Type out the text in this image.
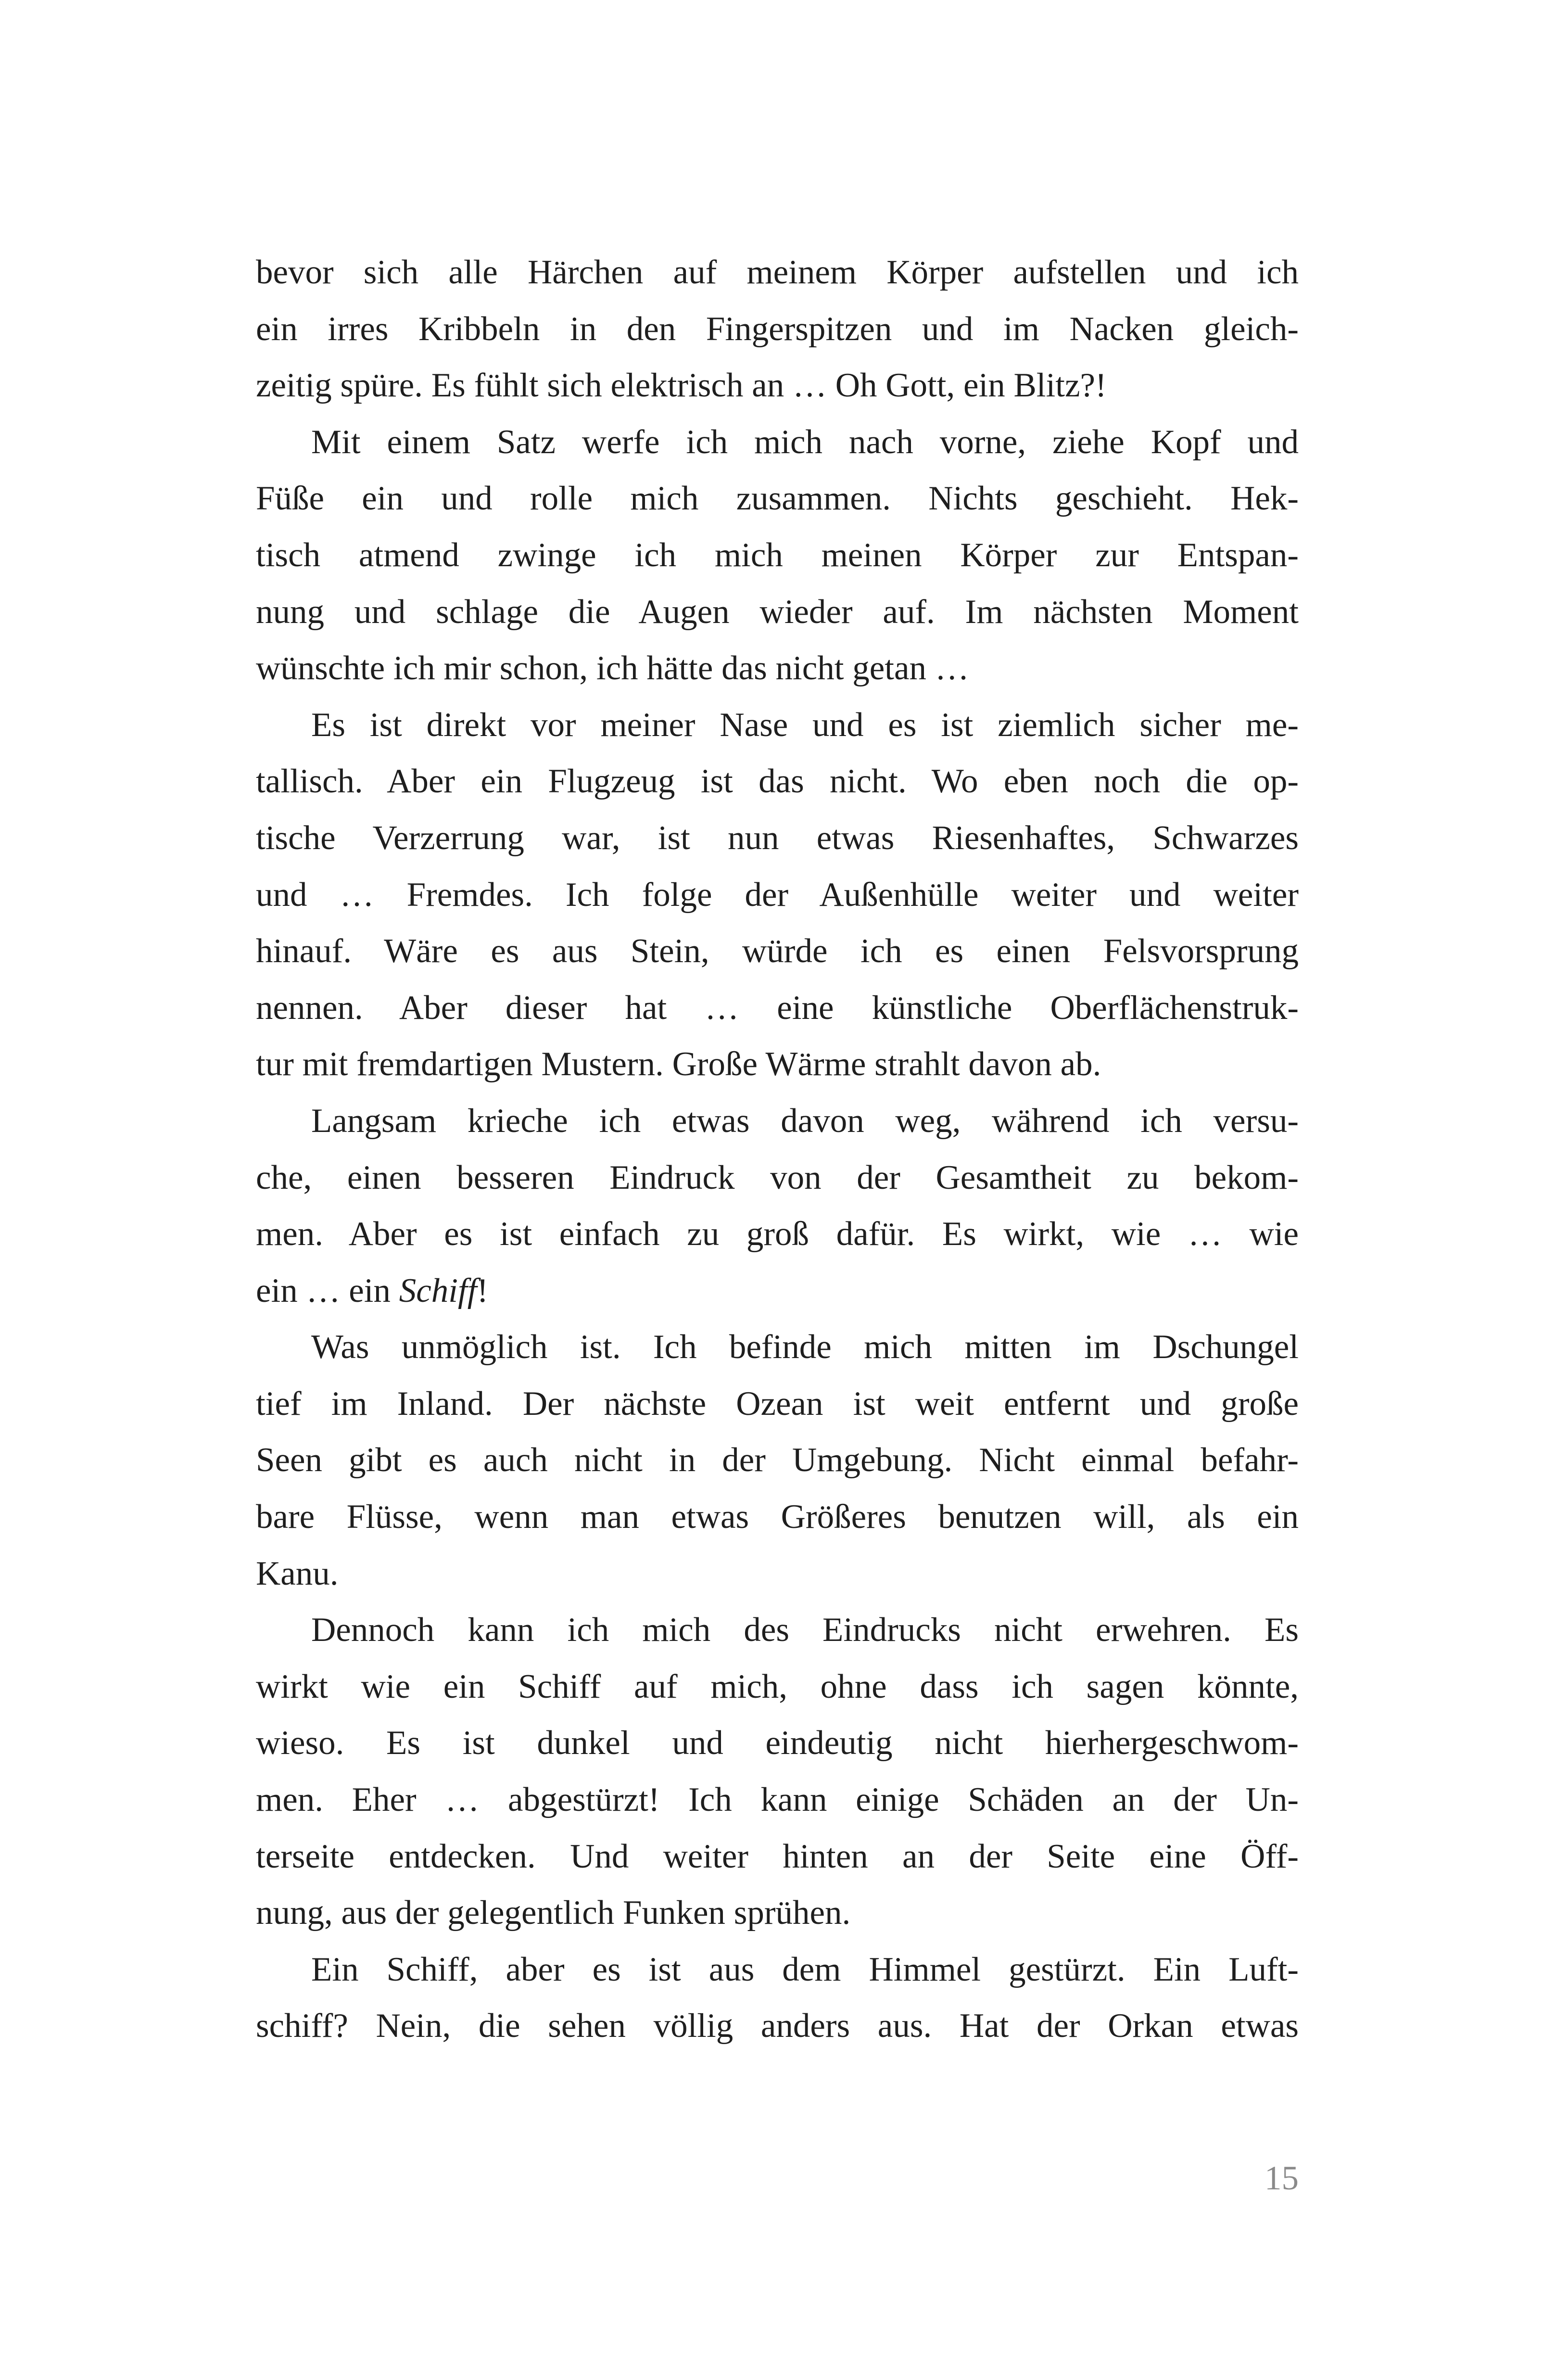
bevor sich alle Härchen auf meinem Körper aufstellen und ich
ein irres Kribbeln in den Fingerspitzen und im Nacken gleich-
zeitig spüre. Es fühlt sich elektrisch an … Oh Gott, ein Blitz?!
Mit einem Satz werfe ich mich nach vorne, ziehe Kopf und
Füße ein und rolle mich zusammen. Nichts geschieht. Hek-
tisch atmend zwinge ich mich meinen Körper zur Entspan-
nung und schlage die Augen wieder auf. Im nächsten Moment
wünschte ich mir schon, ich hätte das nicht getan …
Es ist direkt vor meiner Nase und es ist ziemlich sicher me-
tallisch. Aber ein Flugzeug ist das nicht. Wo eben noch die op-
tische Verzerrung war, ist nun etwas Riesenhaftes, Schwarzes
und … Fremdes. Ich folge der Außenhülle weiter und weiter
hinauf. Wäre es aus Stein, würde ich es einen Felsvorsprung
nennen. Aber dieser hat … eine künstliche Oberflächenstruk-
tur mit fremdartigen Mustern. Große Wärme strahlt davon ab.
Langsam krieche ich etwas davon weg, während ich versu-
che, einen besseren Eindruck von der Gesamtheit zu bekom-
men. Aber es ist einfach zu groß dafür. Es wirkt, wie … wie
ein … ein Schiff!
Was unmöglich ist. Ich befinde mich mitten im Dschungel
tief im Inland. Der nächste Ozean ist weit entfernt und große
Seen gibt es auch nicht in der Umgebung. Nicht einmal befahr-
bare Flüsse, wenn man etwas Größeres benutzen will, als ein
Kanu.
Dennoch kann ich mich des Eindrucks nicht erwehren. Es
wirkt wie ein Schiff auf mich, ohne dass ich sagen könnte,
wieso. Es ist dunkel und eindeutig nicht hierhergeschwom-
men. Eher … abgestürzt! Ich kann einige Schäden an der Un-
terseite entdecken. Und weiter hinten an der Seite eine Öff-
nung, aus der gelegentlich Funken sprühen.
Ein Schiff, aber es ist aus dem Himmel gestürzt. Ein Luft-
schiff? Nein, die sehen völlig anders aus. Hat der Orkan etwas
15
